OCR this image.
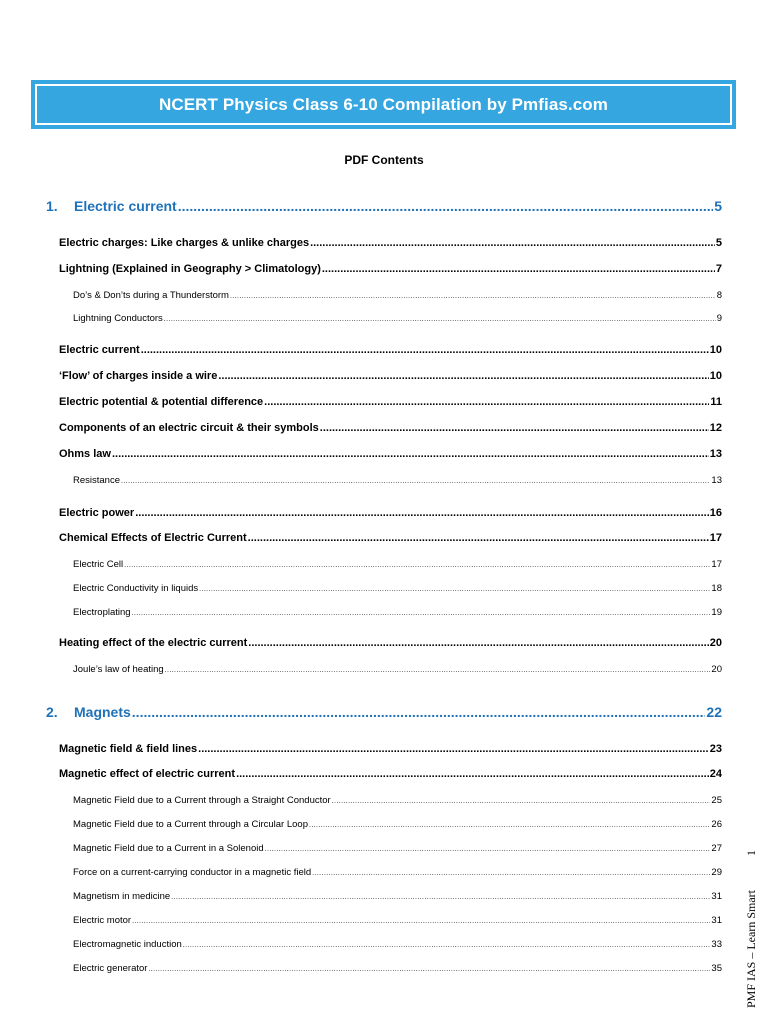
NCERT Physics Class 6-10 Compilation by Pmfias.com
PDF Contents
1. Electric current .....	5
Electric charges: Like charges & unlike charges .....	5
Lightning (Explained in Geography > Climatology) .....	7
Do’s & Don’ts during a Thunderstorm .....	8
Lightning Conductors .....	9
Electric current .....	10
‘Flow’ of charges inside a wire .....	10
Electric potential & potential difference .....	11
Components of an electric circuit & their symbols .....	12
Ohms law .....	13
Resistance .....	13
Electric power .....	16
Chemical Effects of Electric Current .....	17
Electric Cell .....	17
Electric Conductivity in liquids .....	18
Electroplating .....	19
Heating effect of the electric current .....	20
Joule’s law of heating .....	20
2. Magnets .....	22
Magnetic field & field lines .....	23
Magnetic effect of electric current .....	24
Magnetic Field due to a Current through a Straight Conductor .....	25
Magnetic Field due to a Current through a Circular Loop .....	26
Magnetic Field due to a Current in a Solenoid .....	27
Force on a current-carrying conductor in a magnetic field .....	29
Magnetism in medicine .....	31
Electric motor .....	31
Electromagnetic induction .....	33
Electric generator .....	35 PMF IAS – Learn Smart1
